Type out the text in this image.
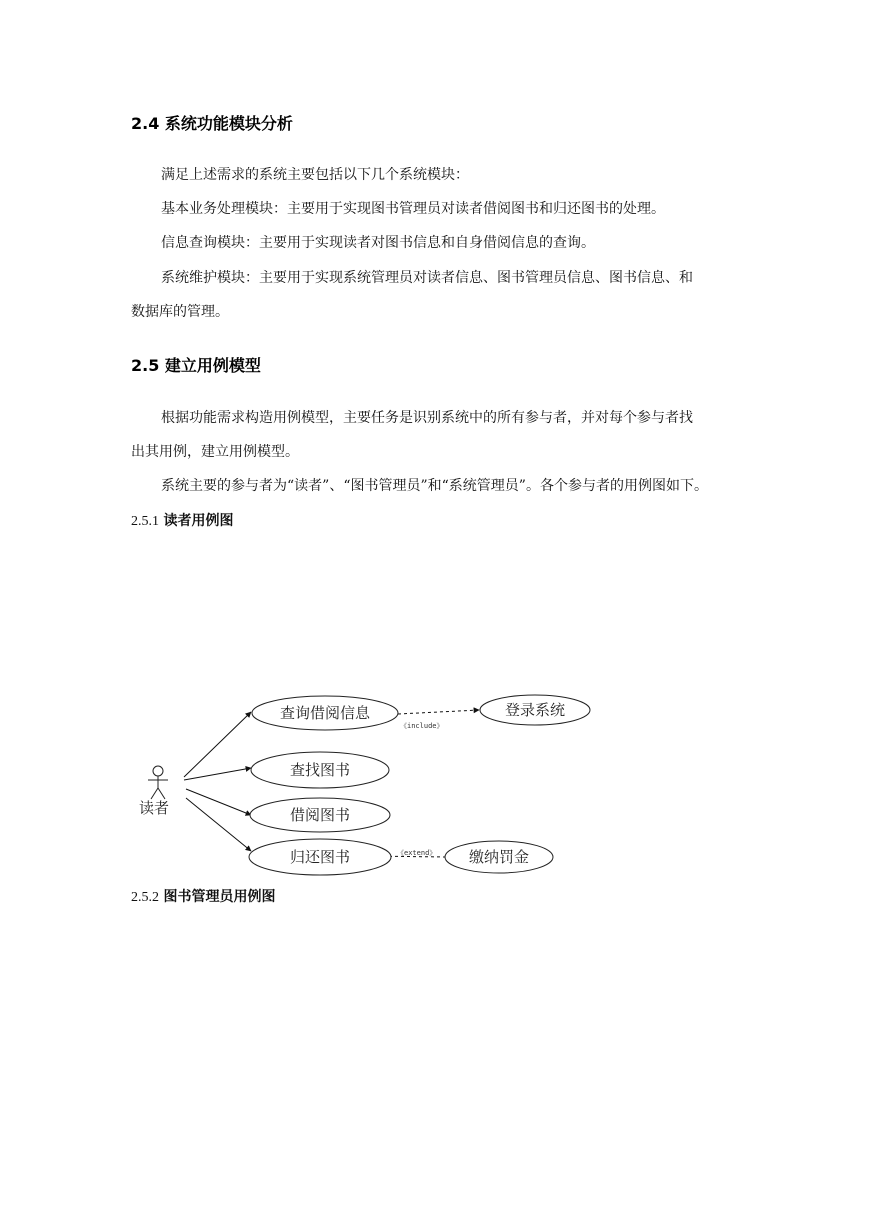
2.4 系统功能模块分析

满足上述需求的系统主要包括以下几个系统模块：

基本业务处理模块：主要用于实现图书管理员对读者借阅图书和归还图书的处理。

信息查询模块：主要用于实现读者对图书信息和自身借阅信息的查询。

系统维护模块：主要用于实现系统管理员对读者信息、图书管理员信息、图书信息、和

数据库的管理。

2.5 建立用例模型

根据功能需求构造用例模型，主要任务是识别系统中的所有参与者，并对每个参与者找

出其用例，建立用例模型。

系统主要的参与者为“读者”、“图书管理员”和“系统管理员”。各个参与者的用例图如下。

2.5.1 读者用例图

读者
《include》
《extend》
查询借阅信息	登录系统
查找图书
借阅图书
归还图书	缴纳罚金

2.5.2 图书管理员用例图
